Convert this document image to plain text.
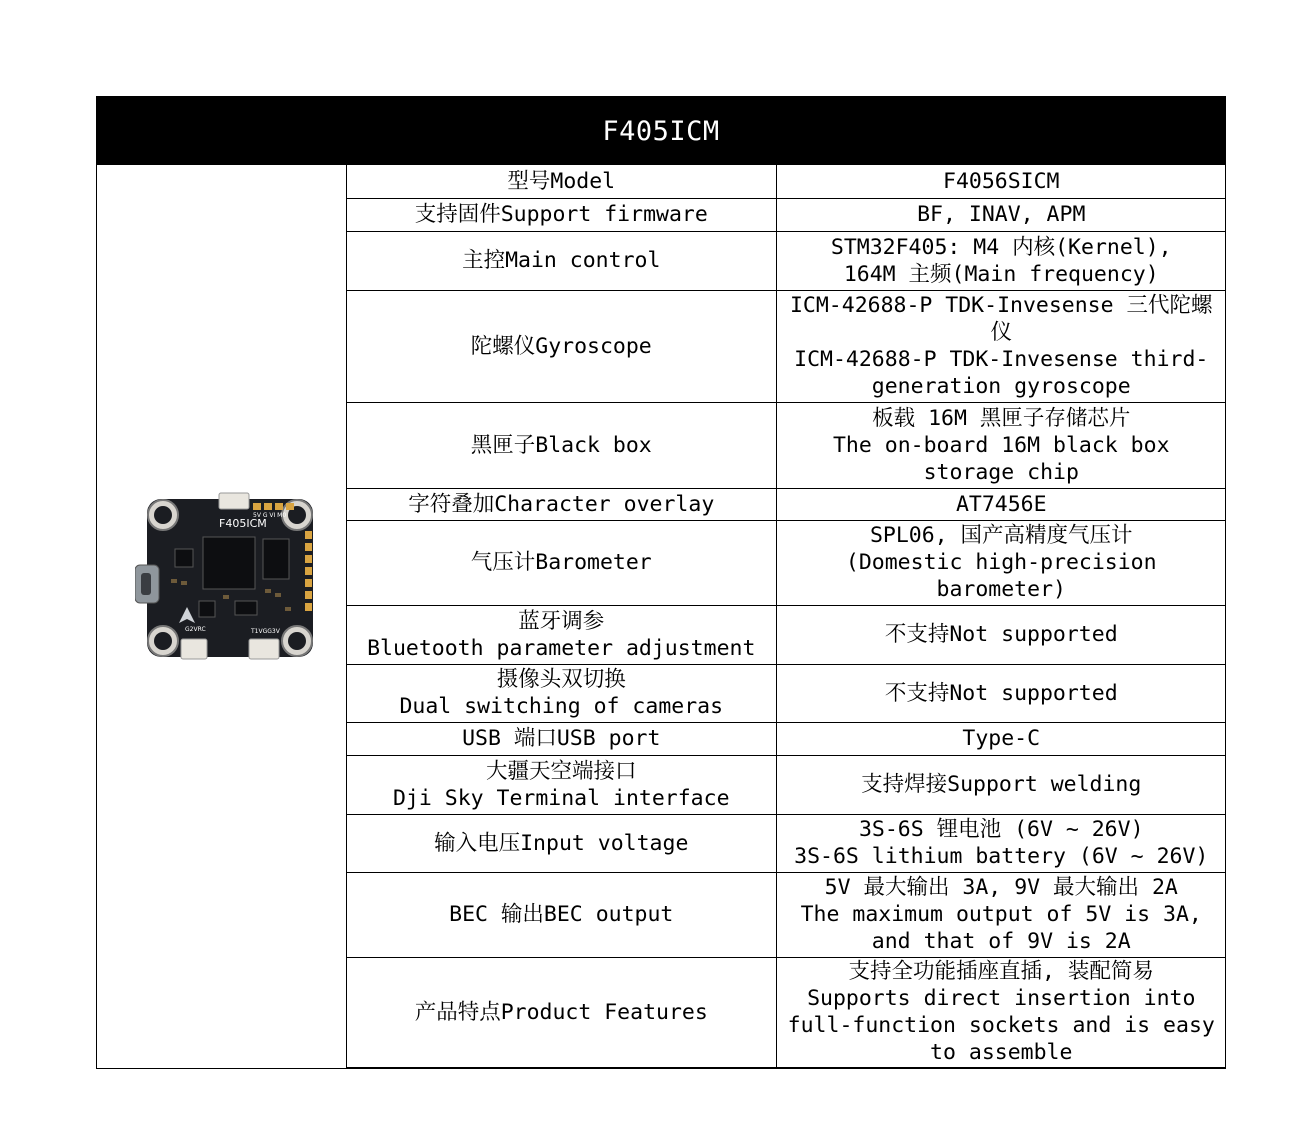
F405ICM
5V G VI M0
F405ICM
G2VRC	T1VGG3V
型号Model	F4056SICM
支持固件Support firmware	BF, INAV, APM
主控Main control	STM32F405: M4 内核(Kernel),
164M 主频(Main frequency)
陀螺仪Gyroscope	ICM-42688-P TDK-Invesense 三代陀螺仪
ICM-42688-P TDK-Invesense third-generation gyroscope
黑匣子Black box	板载 16M 黑匣子存储芯片
The on-board 16M black box storage chip
字符叠加Character overlay	AT7456E
气压计Barometer	SPL06, 国产高精度气压计
(Domestic high-precision barometer)
蓝牙调参
Bluetooth parameter adjustment	不支持Not supported
摄像头双切换
Dual switching of cameras	不支持Not supported
USB 端口USB port	Type-C
大疆天空端接口
Dji Sky Terminal interface	支持焊接Support welding
输入电压Input voltage	3S-6S 锂电池 (6V ~ 26V)
3S-6S lithium battery (6V ~ 26V)
BEC 输出BEC output	5V 最大输出 3A, 9V 最大输出 2A
The maximum output of 5V is 3A, and that of 9V is 2A
产品特点Product Features	支持全功能插座直插, 装配简易
Supports direct insertion into full-function sockets and is easy to assemble
